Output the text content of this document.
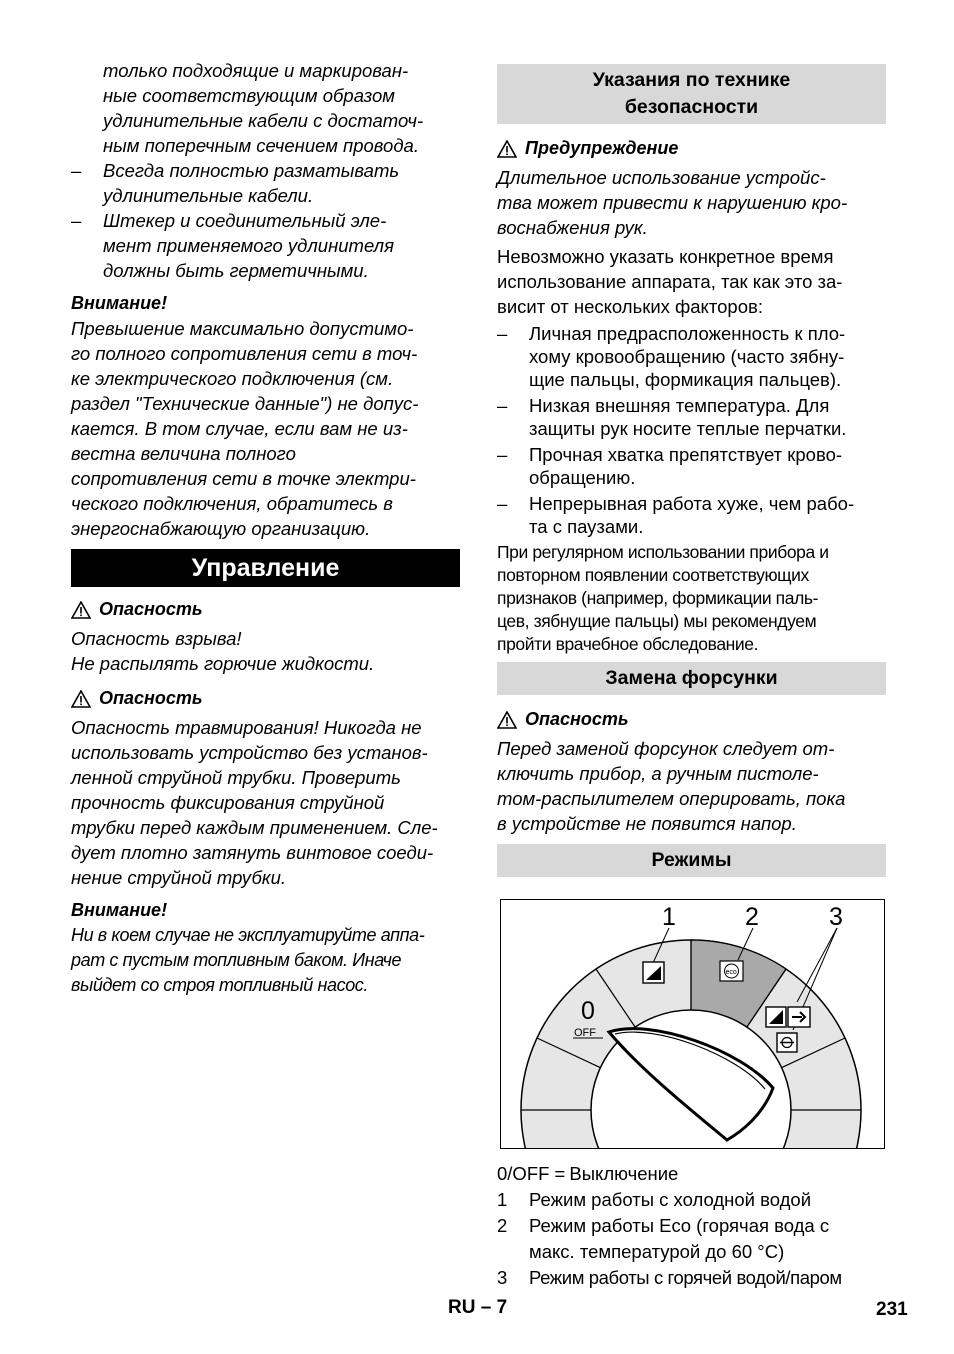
только подходящие и маркирован-
ные соответствующим образом
удлинительные кабели с достаточ-
ным поперечным сечением провода.

– Всегда полностью разматывать
удлинительные кабели.
– Штекер и соединительный эле-
мент применяемого удлинителя
должны быть герметичными.

Внимание!

Превышение максимально допустимо-
го полного сопротивления сети в точ-
ке электрического подключения (см.
раздел "Технические данные") не допус-
кается. В том случае, если вам не из-
вестна величина полного
сопротивления сети в точке электри-
ческого подключения, обратитесь в
энергоснабжающую организацию.

Управление
Опасность

Опасность взрыва!
Не распылять горючие жидкости.

Опасность

Опасность травмирования! Никогда не
использовать устройство без установ-
ленной струйной трубки. Проверить
прочность фиксирования струйной
трубки перед каждым применением. Сле-
дует плотно затянуть винтовое соеди-
нение струйной трубки.

Внимание!

Ни в коем случае не эксплуатируйте аппа-
рат с пустым топливным баком. Иначе
выйдет со строя топливный насос.

Указания по технике
безопасности
Предупреждение

Длительное использование устройс-
тва может привести к нарушению кро-
воснабжения рук.

Невозможно указать конкретное время
использование аппарата, так как это за-
висит от нескольких факторов:

– Личная предрасположенность к пло-
хому кровообращению (часто зябну-
щие пальцы, формикация пальцев).
– Низкая внешняя температура. Для
защиты рук носите теплые перчатки.
– Прочная хватка препятствует крово-
обращению.
– Непрерывная работа хуже, чем рабо-
та с паузами.

При регулярном использовании прибора и
повторном появлении соответствующих
признаков (например, формикации паль-
цев, зябнущие пальцы) мы рекомендуем
пройти врачебное обследование.

Замена форсунки
Опасность

Перед заменой форсунок следует от-
ключить прибор, а ручным пистоле-
том-распылителем оперировать, пока
в устройстве не появится напор.

Режимы
1	2	3
0
OFF
eco
0/OFF = Выключение
1	Режим работы с холодной водой
2	Режим работы Eco (горячая вода с
макс. температурой до 60 °C)
3	Режим работы с горячей водой/паром
RU – 7	231
